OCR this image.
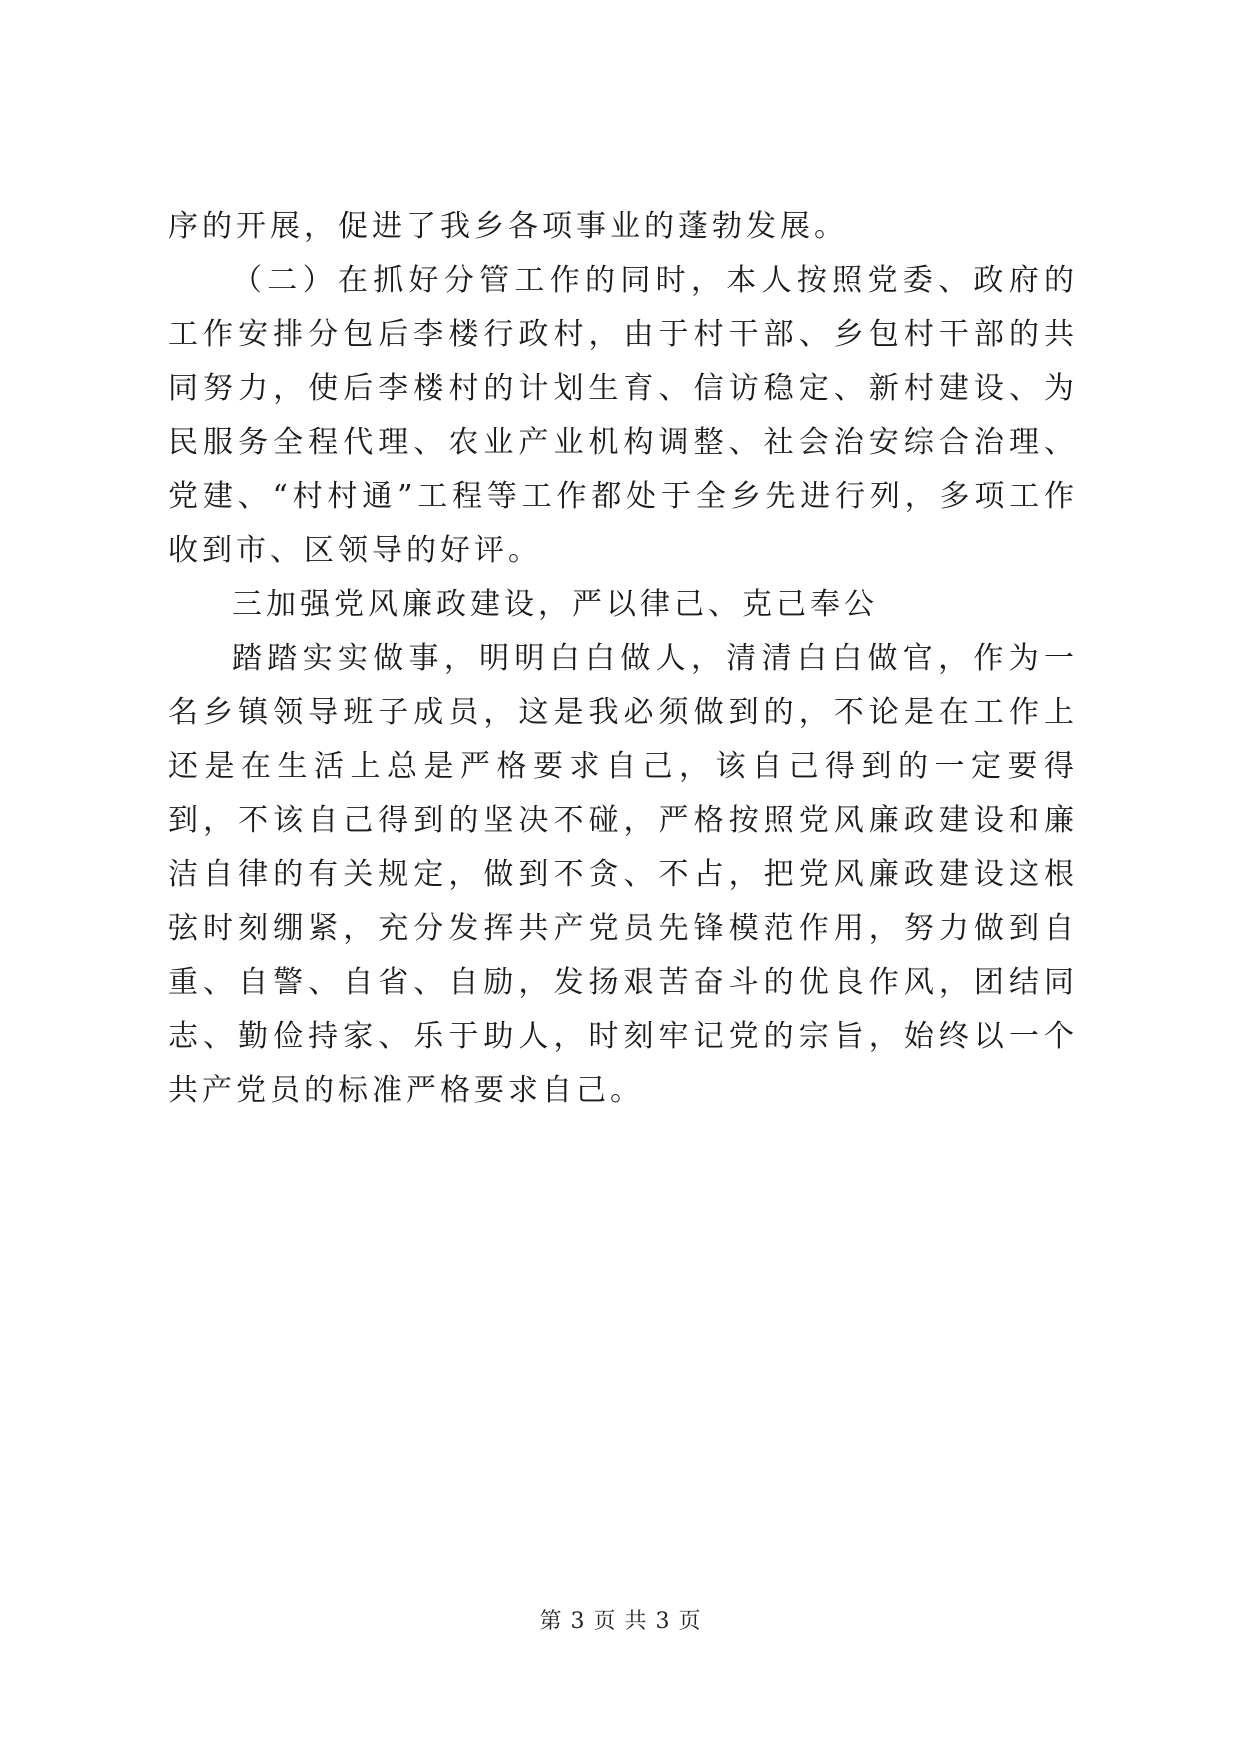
序的开展，促进了我乡各项事业的蓬勃发展。

（二）在抓好分管工作的同时，本人按照党委、政府的工作安排分包后李楼行政村，由于村干部、乡包村干部的共同努力，使后李楼村的计划生育、信访稳定、新村建设、为民服务全程代理、农业产业机构调整、社会治安综合治理、党建、“村村通”工程等工作都处于全乡先进行列，多项工作收到市、区领导的好评。

三加强党风廉政建设，严以律己、克己奉公

踏踏实实做事，明明白白做人，清清白白做官，作为一名乡镇领导班子成员，这是我必须做到的，不论是在工作上还是在生活上总是严格要求自己，该自己得到的一定要得到，不该自己得到的坚决不碰，严格按照党风廉政建设和廉洁自律的有关规定，做到不贪、不占，把党风廉政建设这根弦时刻绷紧，充分发挥共产党员先锋模范作用，努力做到自重、自警、自省、自励，发扬艰苦奋斗的优良作风，团结同志、勤俭持家、乐于助人，时刻牢记党的宗旨，始终以一个共产党员的标准严格要求自己。

第 3 页 共 3 页
